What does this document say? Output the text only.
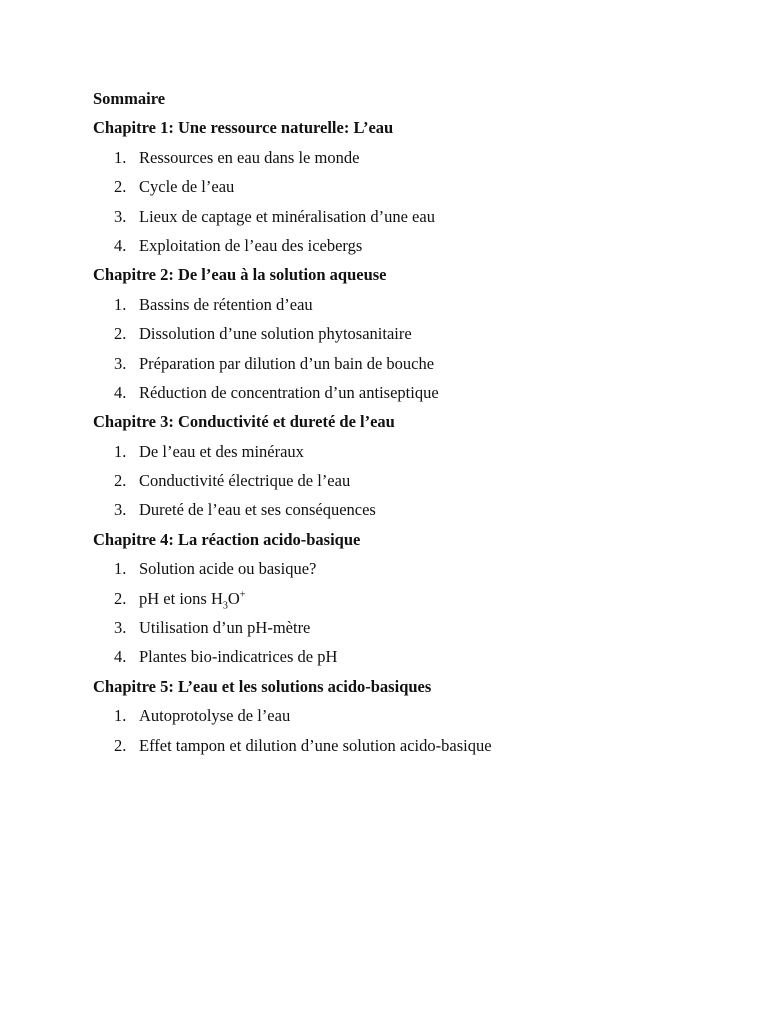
Sommaire
Chapitre 1: Une ressource naturelle: L’eau
1. Ressources en eau dans le monde
2. Cycle de l’eau
3. Lieux de captage et minéralisation d’une eau
4. Exploitation de l’eau des icebergs
Chapitre 2: De l’eau à la solution aqueuse
1. Bassins de rétention d’eau
2. Dissolution d’une solution phytosanitaire
3. Préparation par dilution d’un bain de bouche
4. Réduction de concentration d’un antiseptique
Chapitre 3: Conductivité et dureté de l’eau
1. De l’eau et des minéraux
2. Conductivité électrique de l’eau
3. Dureté de l’eau et ses conséquences
Chapitre 4: La réaction acido-basique
1. Solution acide ou basique?
2. pH et ions $H_3O^+$
3. Utilisation d’un pH-mètre
4. Plantes bio-indicatrices de pH
Chapitre 5: L’eau et les solutions acido-basiques
1. Autoprotolyse de l’eau
2. Effet tampon et dilution d’une solution acido-basique
